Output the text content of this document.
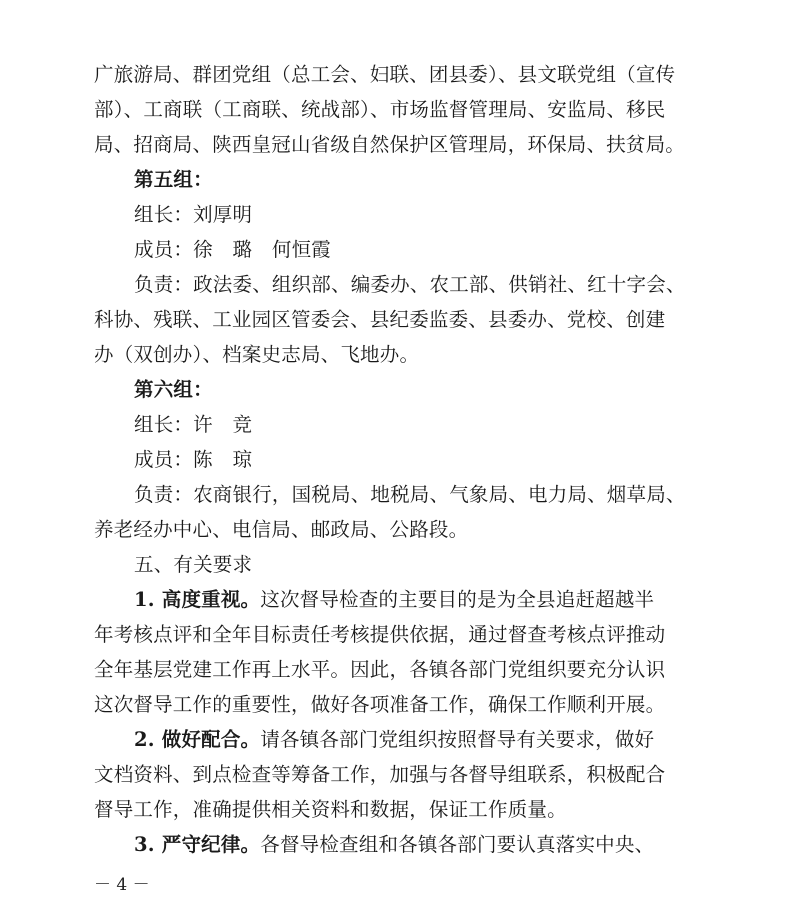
广旅游局、群团党组（总工会、妇联、团县委）、县文联党组（宣传
部）、工商联（工商联、统战部）、市场监督管理局、安监局、移民
局、招商局、陕西皇冠山省级自然保护区管理局，环保局、扶贫局。
第五组：
组长：刘厚明
成员：徐　璐　何恒霞
负责：政法委、组织部、编委办、农工部、供销社、红十字会、
科协、残联、工业园区管委会、县纪委监委、县委办、党校、创建
办（双创办）、档案史志局、飞地办。
第六组：
组长：许　竞
成员：陈　琼
负责：农商银行，国税局、地税局、气象局、电力局、烟草局、
养老经办中心、电信局、邮政局、公路段。
五、有关要求
1. 高度重视。这次督导检查的主要目的是为全县追赶超越半
年考核点评和全年目标责任考核提供依据，通过督查考核点评推动
全年基层党建工作再上水平。因此，各镇各部门党组织要充分认识
这次督导工作的重要性，做好各项准备工作，确保工作顺利开展。
2. 做好配合。请各镇各部门党组织按照督导有关要求，做好
文档资料、到点检查等筹备工作，加强与各督导组联系，积极配合
督导工作，准确提供相关资料和数据，保证工作质量。
3. 严守纪律。各督导检查组和各镇各部门要认真落实中央、
－ 4 －
